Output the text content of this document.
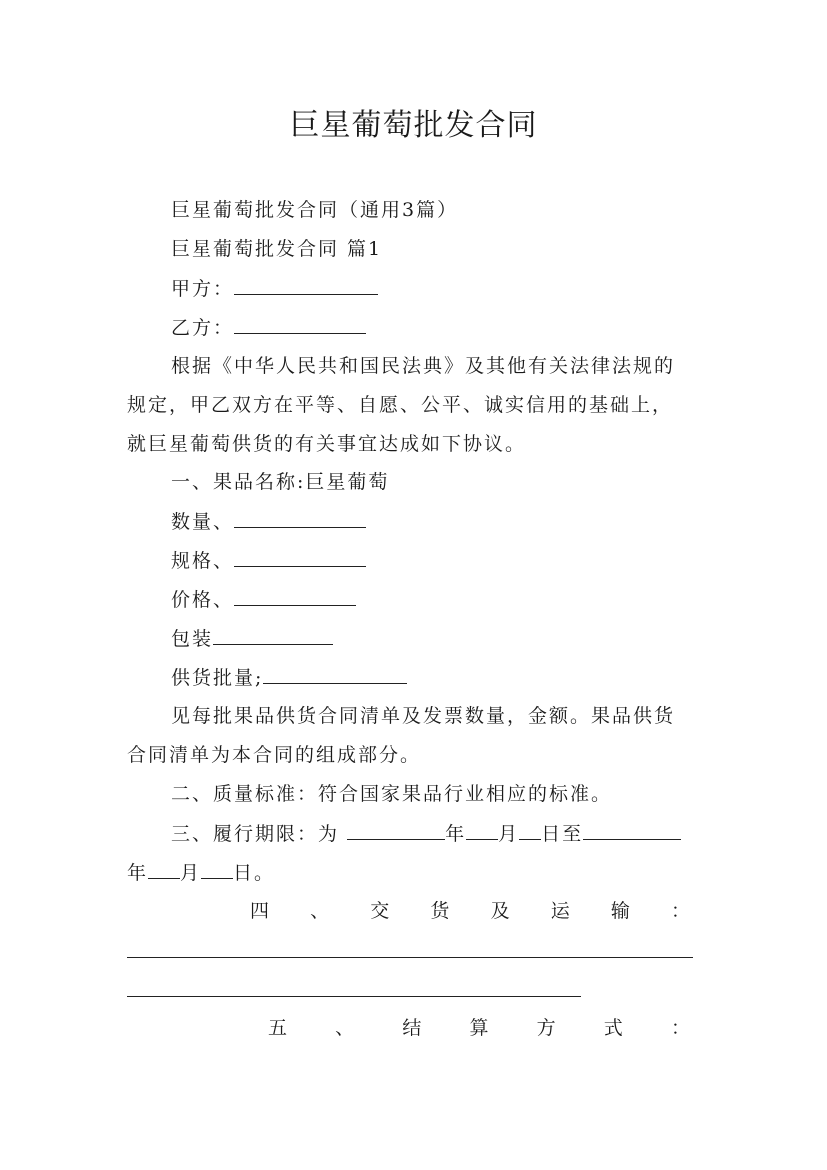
巨星葡萄批发合同
巨星葡萄批发合同（通用3篇）
巨星葡萄批发合同 篇1
甲方：
乙方：
根据《中华人民共和国民法典》及其他有关法律法规的
规定，甲乙双方在平等、自愿、公平、诚实信用的基础上，
就巨星葡萄供货的有关事宜达成如下协议。
一、果品名称:巨星葡萄
数量、
规格、
价格、
包装
供货批量;
见每批果品供货合同清单及发票数量，金额。果品供货
合同清单为本合同的组成部分。
二、质量标准：符合国家果品行业相应的标准。
三、履行期限：为	年 月 日至
年 月 日。
四 、 交 货 及 运 输 ：
五	、	结	算	方	式	：
